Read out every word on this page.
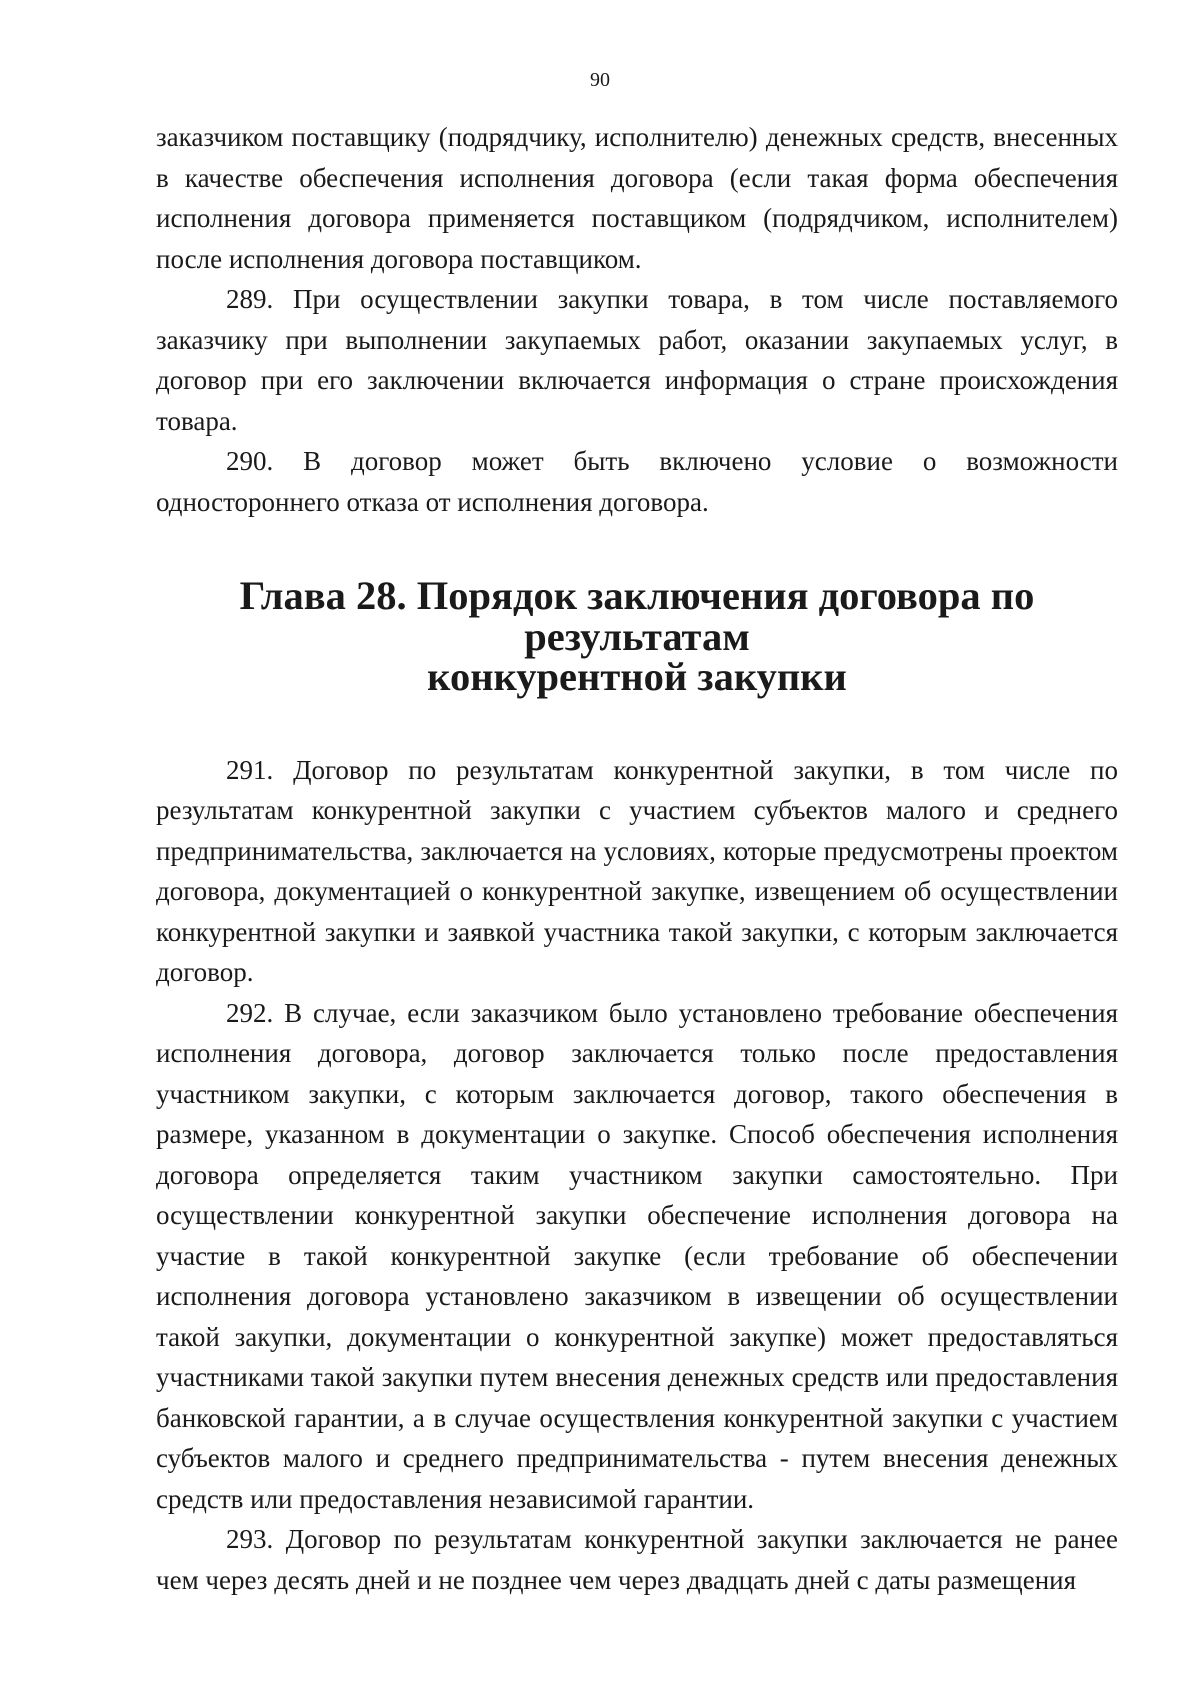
90

заказчиком поставщику (подрядчику, исполнителю) денежных средств, внесенных в качестве обеспечения исполнения договора (если такая форма обеспечения исполнения договора применяется поставщиком (подрядчиком, исполнителем) после исполнения договора поставщиком.

289. При осуществлении закупки товара, в том числе поставляемого заказчику при выполнении закупаемых работ, оказании закупаемых услуг, в договор при его заключении включается информация о стране происхождения товара.

290. В договор может быть включено условие о возможности одностороннего отказа от исполнения договора.

Глава 28. Порядок заключения договора по результатам
конкурентной закупки

291. Договор по результатам конкурентной закупки, в том числе по результатам конкурентной закупки с участием субъектов малого и среднего предпринимательства, заключается на условиях, которые предусмотрены проектом договора, документацией о конкурентной закупке, извещением об осуществлении конкурентной закупки и заявкой участника такой закупки, с которым заключается договор.

292. В случае, если заказчиком было установлено требование обеспечения исполнения договора, договор заключается только после предоставления участником закупки, с которым заключается договор, такого обеспечения в размере, указанном в документации о закупке. Способ обеспечения исполнения договора определяется таким участником закупки самостоятельно. При осуществлении конкурентной закупки обеспечение исполнения договора на участие в такой конкурентной закупке (если требование об обеспечении исполнения договора установлено заказчиком в извещении об осуществлении такой закупки, документации о конкурентной закупке) может предоставляться участниками такой закупки путем внесения денежных средств или предоставления банковской гарантии, а в случае осуществления конкурентной закупки с участием субъектов малого и среднего предпринимательства - путем внесения денежных средств или предоставления независимой гарантии.

293. Договор по результатам конкурентной закупки заключается не ранее чем через десять дней и не позднее чем через двадцать дней с даты размещения
